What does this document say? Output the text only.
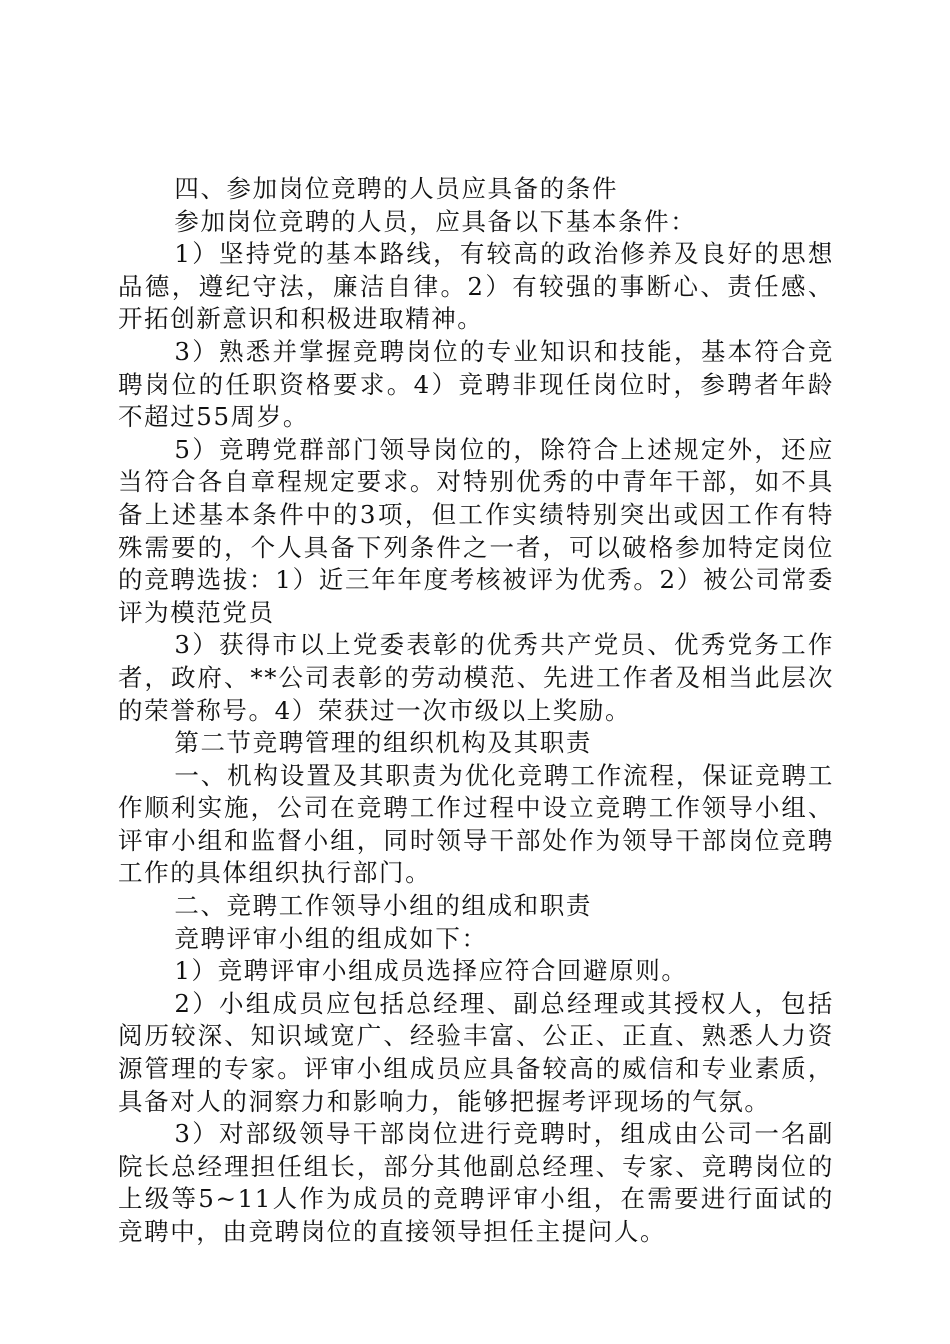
四、参加岗位竞聘的人员应具备的条件

参加岗位竞聘的人员，应具备以下基本条件：

1）坚持党的基本路线，有较高的政治修养及良好的思想品德，遵纪守法，廉洁自律。2）有较强的事断心、责任感、开拓创新意识和积极进取精神。

3）熟悉并掌握竞聘岗位的专业知识和技能，基本符合竞聘岗位的任职资格要求。4）竞聘非现任岗位时，参聘者年龄不超过55周岁。

5）竞聘党群部门领导岗位的，除符合上述规定外，还应当符合各自章程规定要求。对特别优秀的中青年干部，如不具备上述基本条件中的3项，但工作实绩特别突出或因工作有特殊需要的，个人具备下列条件之一者，可以破格参加特定岗位的竞聘选拔：1）近三年年度考核被评为优秀。2）被公司常委评为模范党员

3）获得市以上党委表彰的优秀共产党员、优秀党务工作者，政府、**公司表彰的劳动模范、先进工作者及相当此层次的荣誉称号。4）荣获过一次市级以上奖励。

第二节竞聘管理的组织机构及其职责

一、机构设置及其职责为优化竞聘工作流程，保证竞聘工作顺利实施，公司在竞聘工作过程中设立竞聘工作领导小组、评审小组和监督小组，同时领导干部处作为领导干部岗位竞聘工作的具体组织执行部门。

二、竞聘工作领导小组的组成和职责

竞聘评审小组的组成如下：

1）竞聘评审小组成员选择应符合回避原则。

2）小组成员应包括总经理、副总经理或其授权人，包括阅历较深、知识域宽广、经验丰富、公正、正直、熟悉人力资源管理的专家。评审小组成员应具备较高的威信和专业素质，具备对人的洞察力和影响力，能够把握考评现场的气氛。

3）对部级领导干部岗位进行竞聘时，组成由公司一名副院长总经理担任组长，部分其他副总经理、专家、竞聘岗位的上级等5~11人作为成员的竞聘评审小组，在需要进行面试的竞聘中，由竞聘岗位的直接领导担任主提问人。
